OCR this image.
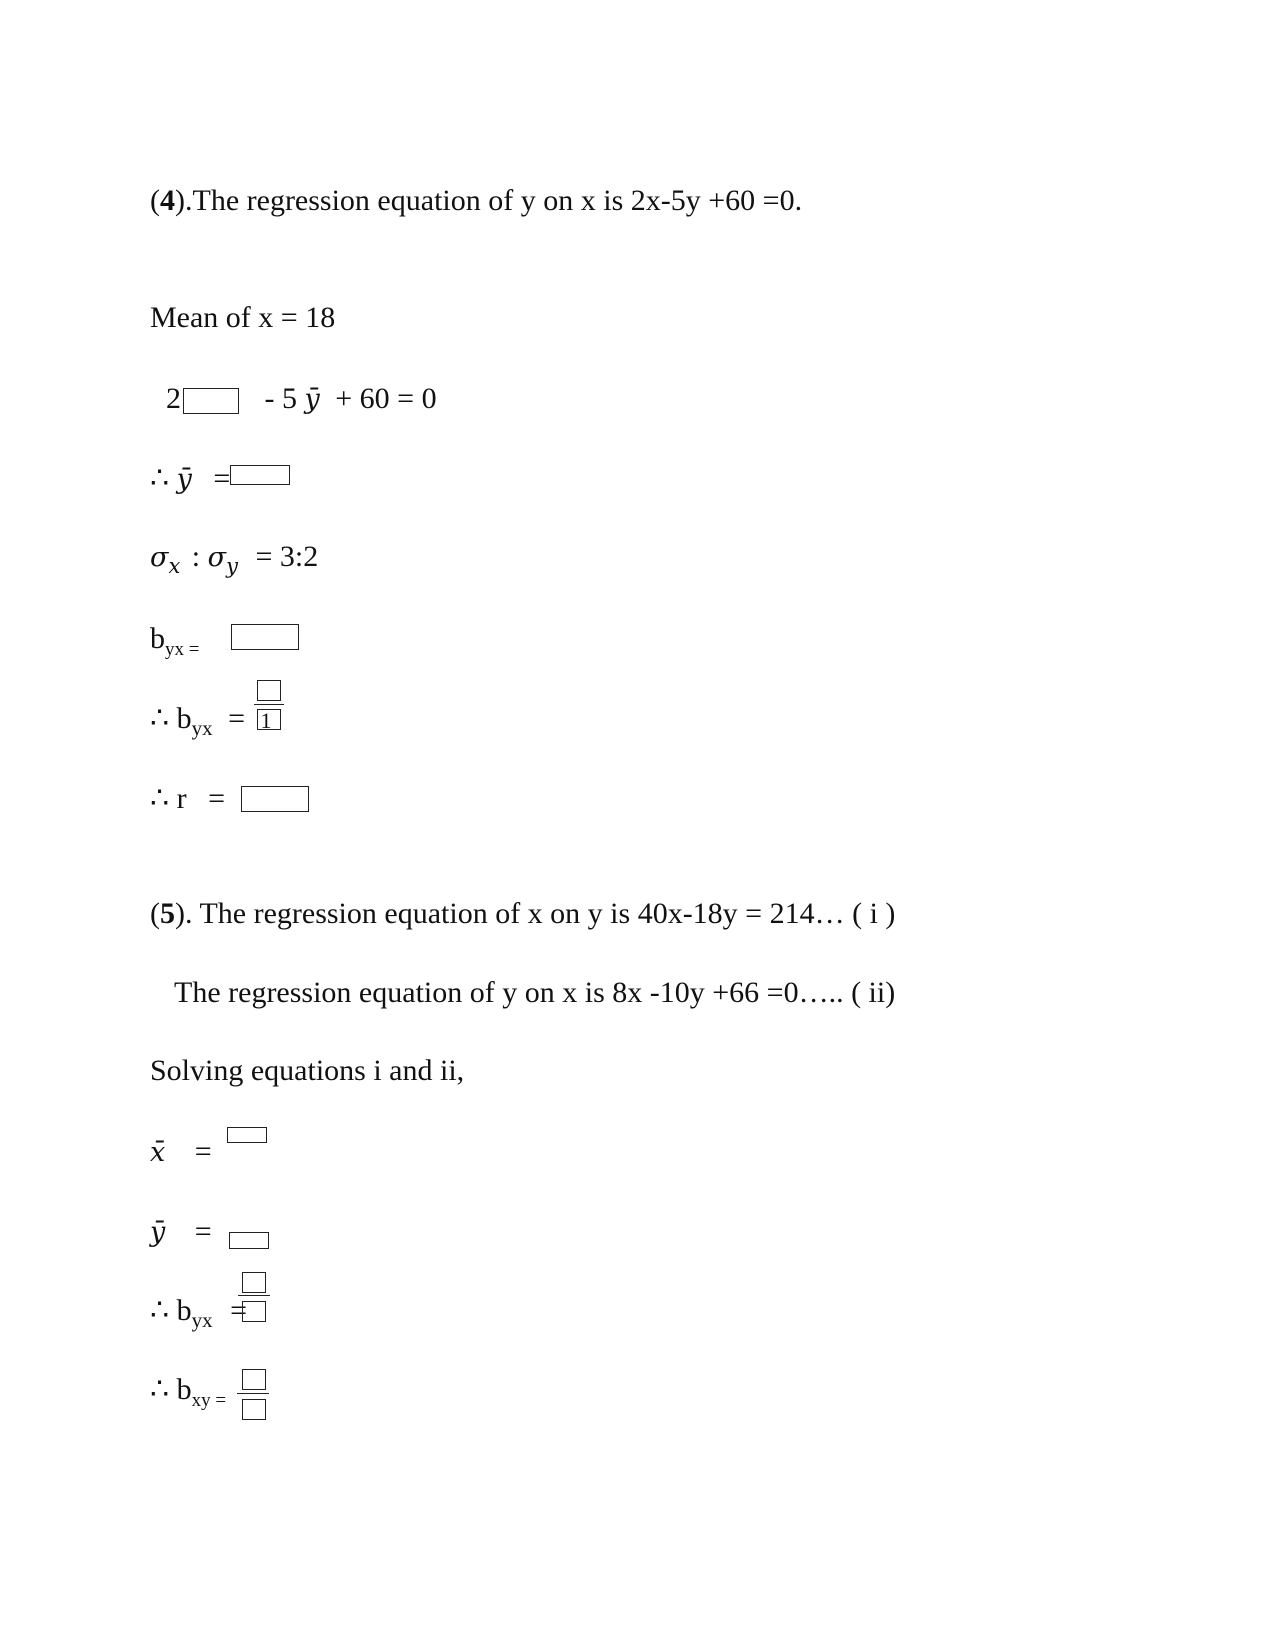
(4).The regression equation of y on x is 2x-5y +60 =0.
Mean of x = 18
2	- 5 ȳ + 60 = 0
∴ ȳ =
$\sigma_x$ : $\sigma_y$ = 3:2
$b_{yx =}$
∴ $b_{yx} = 1$
∴ r =
(5). The regression equation of x on y is 40x-18y = 214… ( i )
The regression equation of y on x is 8x -10y +66 =0….. ( ii)
Solving equations i and ii,
x̄ =
ȳ =
∴ $b_{yx}$ =
∴ $b_{xy =}$
